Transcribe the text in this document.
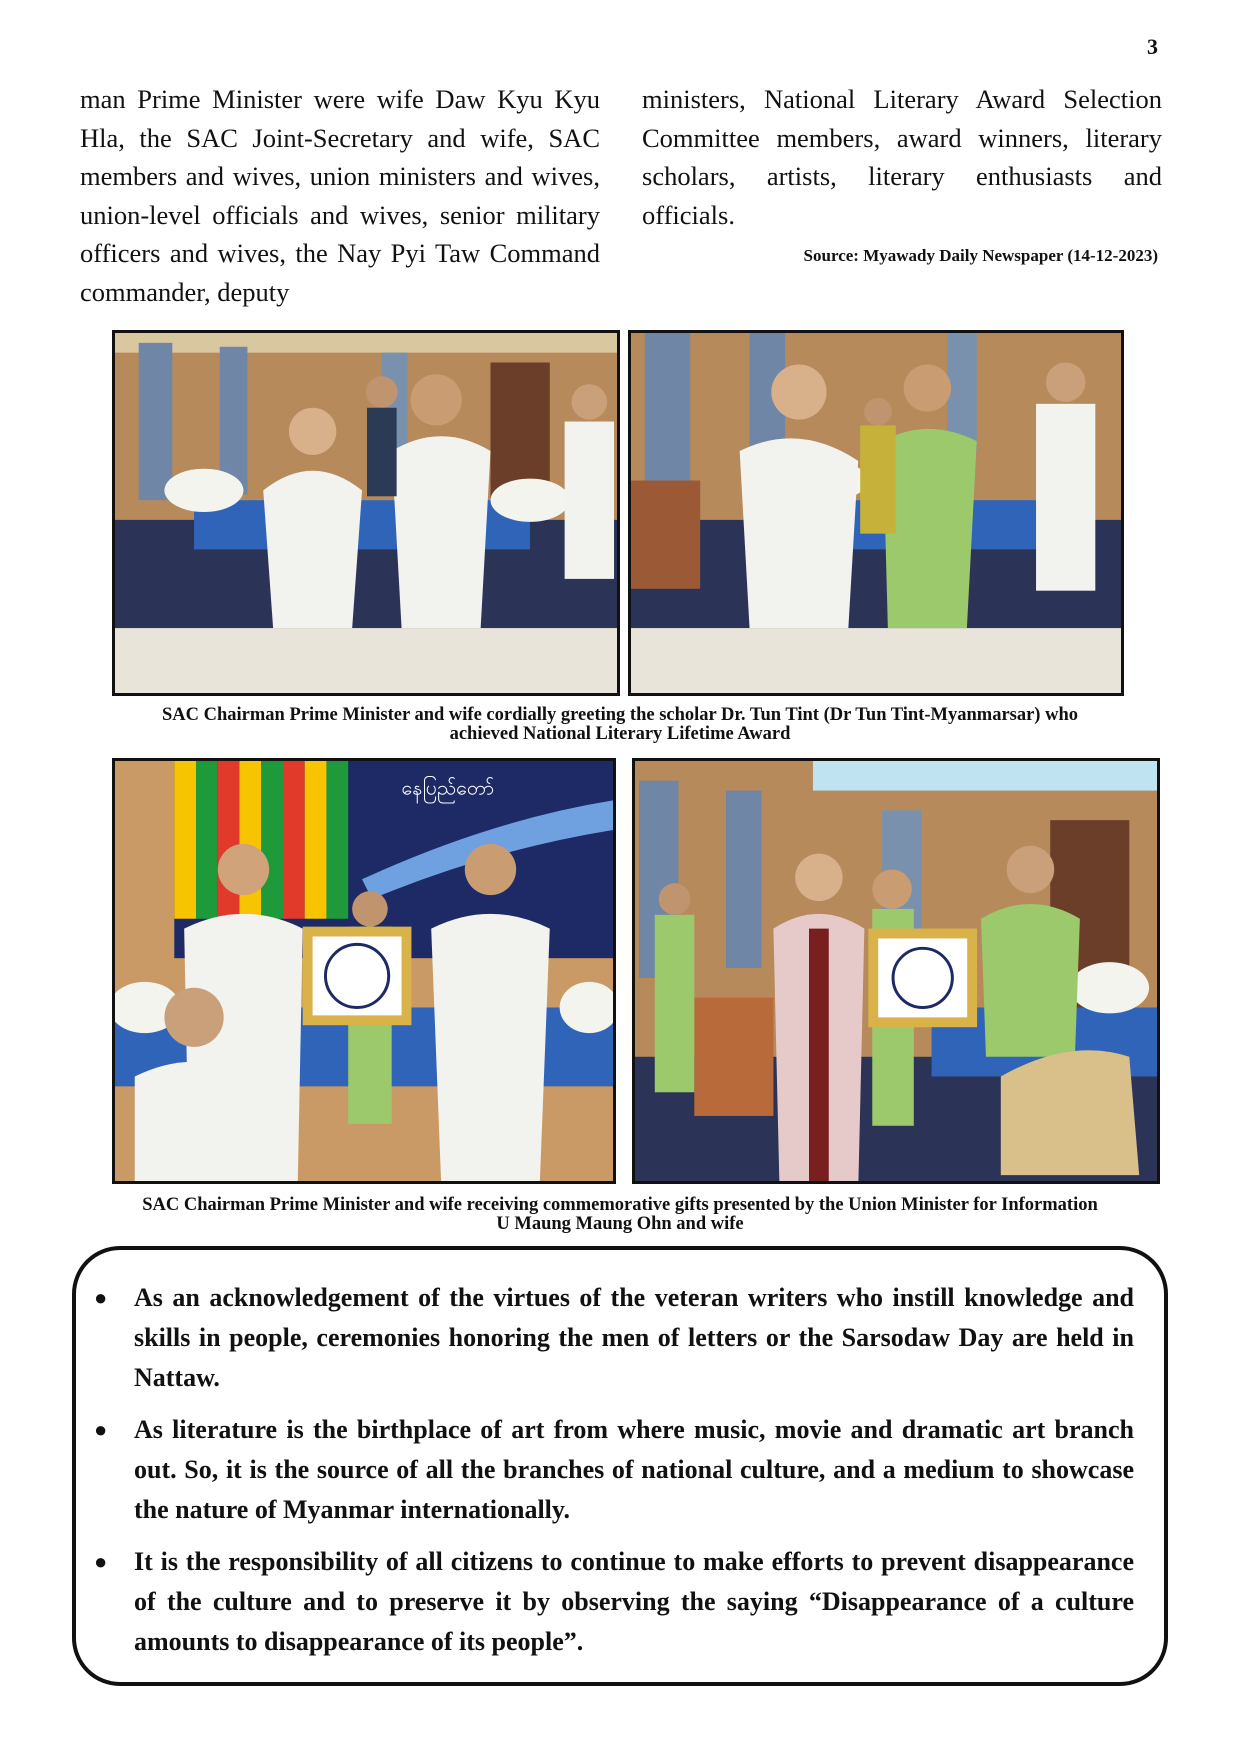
3
man Prime Minister were wife Daw Kyu Kyu Hla, the SAC Joint-Secretary and wife, SAC members and wives, union ministers and wives, union-level officials and wives, senior military officers and wives, the Nay Pyi Taw Command commander, deputy
ministers, National Literary Award Selection Committee members, award winners, literary scholars, artists, literary enthusiasts and officials.
Source: Myawady Daily Newspaper (14-12-2023)
SAC Chairman Prime Minister and wife cordially greeting the scholar Dr. Tun Tint (Dr Tun Tint-Myanmarsar) who
achieved National Literary Lifetime Award
နေပြည်တော်
SAC Chairman Prime Minister and wife receiving commemorative gifts presented by the Union Minister for Information
U Maung Maung Ohn and wife
● As an acknowledgement of the virtues of the veteran writers who instill knowledge and skills in people, ceremonies honoring the men of letters or the Sarsodaw Day are held in Nattaw.
● As literature is the birthplace of art from where music, movie and dramatic art branch out. So, it is the source of all the branches of national culture, and a medium to showcase the nature of Myanmar internationally.
● It is the responsibility of all citizens to continue to make efforts to prevent disappearance of the culture and to preserve it by observing the saying “Disappearance of a culture amounts to disappearance of its people”.
